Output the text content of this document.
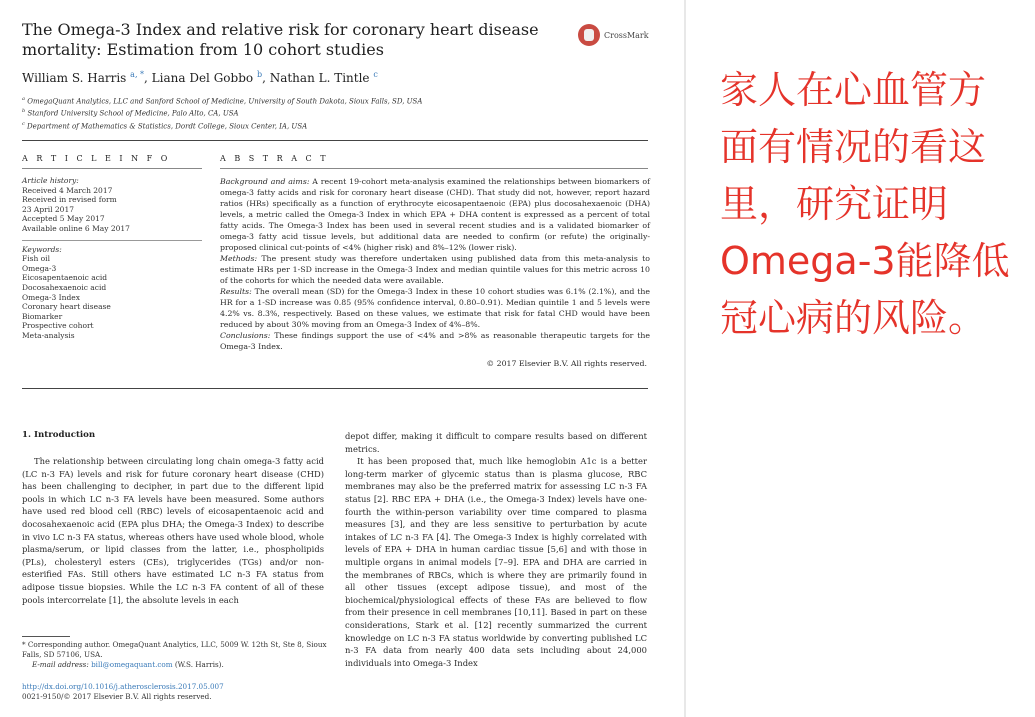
The Omega-3 Index and relative risk for coronary heart disease mortality: Estimation from 10 cohort studies
CrossMark
William S. Harris $^{a, *}$, Liana Del Gobbo $^b$, Nathan L. Tintle $^c$
$^a$ OmegaQuant Analytics, LLC and Sanford School of Medicine, University of South Dakota, Sioux Falls, SD, USA
$^b$ Stanford University School of Medicine, Palo Alto, CA, USA
$^c$ Department of Mathematics & Statistics, Dordt College, Sioux Center, IA, USA
A R T I C L E I N F O	A B S T R A C T
Article history:
Received 4 March 2017
Received in revised form
23 April 2017
Accepted 5 May 2017
Available online 6 May 2017
Keywords:
Fish oil
Omega-3
Eicosapentaenoic acid
Docosahexaenoic acid
Omega-3 Index
Coronary heart disease
Biomarker
Prospective cohort
Meta-analysis
Background and aims: A recent 19-cohort meta-analysis examined the relationships between biomarkers of omega-3 fatty acids and risk for coronary heart disease (CHD). That study did not, however, report hazard ratios (HRs) specifically as a function of erythrocyte eicosapentaenoic (EPA) plus docosahexaenoic (DHA) levels, a metric called the Omega-3 Index in which EPA + DHA content is expressed as a percent of total fatty acids. The Omega-3 Index has been used in several recent studies and is a validated biomarker of omega-3 fatty acid tissue levels, but additional data are needed to confirm (or refute) the originally-proposed clinical cut-points of <4% (higher risk) and 8%–12% (lower risk).
Methods: The present study was therefore undertaken using published data from this meta-analysis to estimate HRs per 1-SD increase in the Omega-3 Index and median quintile values for this metric across 10 of the cohorts for which the needed data were available.
Results: The overall mean (SD) for the Omega-3 Index in these 10 cohort studies was 6.1% (2.1%), and the HR for a 1-SD increase was 0.85 (95% confidence interval, 0.80–0.91). Median quintile 1 and 5 levels were 4.2% vs. 8.3%, respectively. Based on these values, we estimate that risk for fatal CHD would have been reduced by about 30% moving from an Omega-3 Index of 4%–8%.
Conclusions: These findings support the use of <4% and >8% as reasonable therapeutic targets for the Omega-3 Index.
© 2017 Elsevier B.V. All rights reserved.
1. Introduction

The relationship between circulating long chain omega-3 fatty acid (LC n-3 FA) levels and risk for future coronary heart disease (CHD) has been challenging to decipher, in part due to the different lipid pools in which LC n-3 FA levels have been measured. Some authors have used red blood cell (RBC) levels of eicosapentaenoic acid and docosahexaenoic acid (EPA plus DHA; the Omega-3 Index) to describe in vivo LC n-3 FA status, whereas others have used whole blood, whole plasma/serum, or lipid classes from the latter, i.e., phospholipids (PLs), cholesteryl esters (CEs), triglycerides (TGs) and/or non-esterified FAs. Still others have estimated LC n-3 FA status from adipose tissue biopsies. While the LC n-3 FA content of all of these pools intercorrelate [1], the absolute levels in each

depot differ, making it difficult to compare results based on different metrics.

It has been proposed that, much like hemoglobin A1c is a better long-term marker of glycemic status than is plasma glucose, RBC membranes may also be the preferred matrix for assessing LC n-3 FA status [2]. RBC EPA + DHA (i.e., the Omega-3 Index) levels have one-fourth the within-person variability over time compared to plasma measures [3], and they are less sensitive to perturbation by acute intakes of LC n-3 FA [4]. The Omega-3 Index is highly correlated with levels of EPA + DHA in human cardiac tissue [5,6] and with those in multiple organs in animal models [7–9]. EPA and DHA are carried in the membranes of RBCs, which is where they are primarily found in all other tissues (except adipose tissue), and most of the biochemical/physiological effects of these FAs are believed to flow from their presence in cell membranes [10,11]. Based in part on these considerations, Stark et al. [12] recently summarized the current knowledge on LC n-3 FA status worldwide by converting published LC n-3 FA data from nearly 400 data sets including about 24,000 individuals into Omega-3 Index

* Corresponding author. OmegaQuant Analytics, LLC, 5009 W. 12th St, Ste 8, Sioux Falls, SD 57106, USA.
E-mail address: bill@omegaquant.com (W.S. Harris).
http://dx.doi.org/10.1016/j.atherosclerosis.2017.05.007
0021-9150/© 2017 Elsevier B.V. All rights reserved.
家人在心血管方面有情况的看这里，研究证明Omega-3能降低冠心病的风险。
